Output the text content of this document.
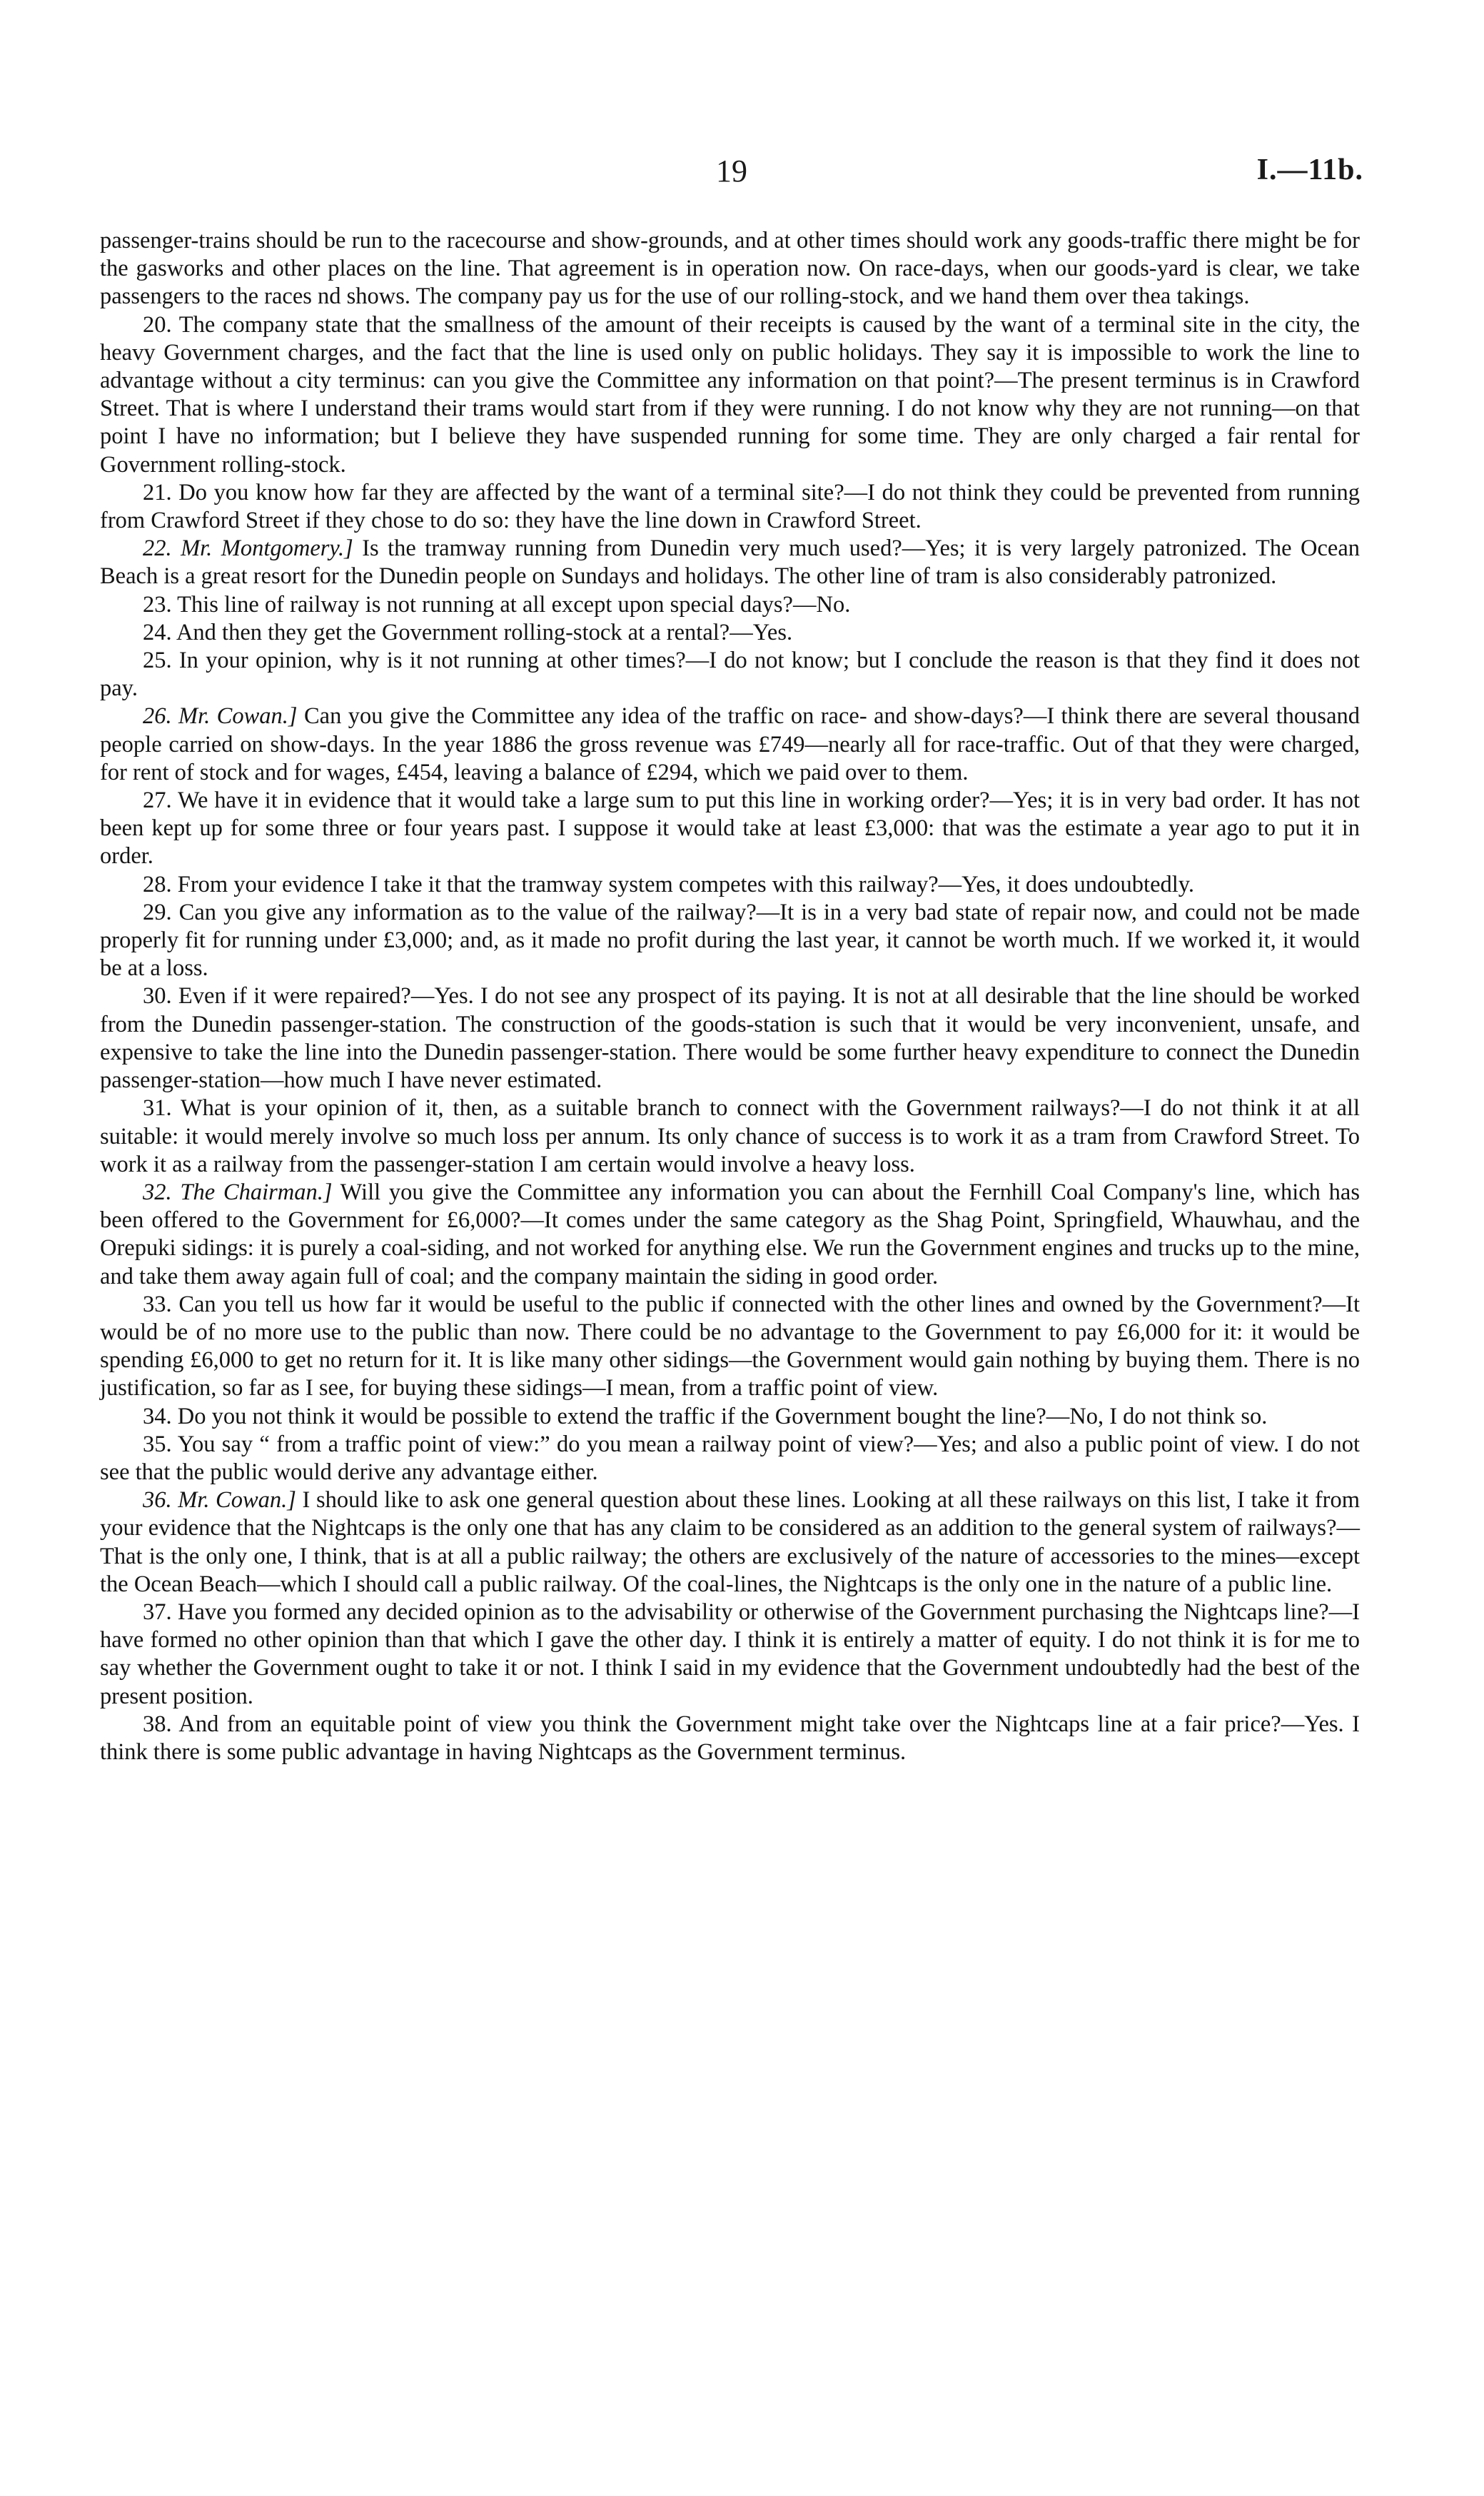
19	I.—11b.

passenger-trains should be run to the racecourse and show-grounds, and at other times should work any goods-traffic there might be for the gasworks and other places on the line. That agreement is in operation now. On race-days, when our goods-yard is clear, we take passengers to the races nd shows. The company pay us for the use of our rolling-stock, and we hand them over thea takings.

20. The company state that the smallness of the amount of their receipts is caused by the want of a terminal site in the city, the heavy Government charges, and the fact that the line is used only on public holidays. They say it is impossible to work the line to advantage without a city terminus: can you give the Committee any information on that point?—The present terminus is in Crawford Street. That is where I understand their trams would start from if they were running. I do not know why they are not running—on that point I have no information; but I believe they have suspended running for some time. They are only charged a fair rental for Government rolling-stock.

21. Do you know how far they are affected by the want of a terminal site?—I do not think they could be prevented from running from Crawford Street if they chose to do so: they have the line down in Crawford Street.

22. Mr. Montgomery.] Is the tramway running from Dunedin very much used?—Yes; it is very largely patronized. The Ocean Beach is a great resort for the Dunedin people on Sundays and holidays. The other line of tram is also considerably patronized.

23. This line of railway is not running at all except upon special days?—No.

24. And then they get the Government rolling-stock at a rental?—Yes.

25. In your opinion, why is it not running at other times?—I do not know; but I conclude the reason is that they find it does not pay.

26. Mr. Cowan.] Can you give the Committee any idea of the traffic on race- and show-days?—I think there are several thousand people carried on show-days. In the year 1886 the gross revenue was £749—nearly all for race-traffic. Out of that they were charged, for rent of stock and for wages, £454, leaving a balance of £294, which we paid over to them.

27. We have it in evidence that it would take a large sum to put this line in working order?—Yes; it is in very bad order. It has not been kept up for some three or four years past. I suppose it would take at least £3,000: that was the estimate a year ago to put it in order.

28. From your evidence I take it that the tramway system competes with this railway?—Yes, it does undoubtedly.

29. Can you give any information as to the value of the railway?—It is in a very bad state of repair now, and could not be made properly fit for running under £3,000; and, as it made no profit during the last year, it cannot be worth much. If we worked it, it would be at a loss.

30. Even if it were repaired?—Yes. I do not see any prospect of its paying. It is not at all desirable that the line should be worked from the Dunedin passenger-station. The construction of the goods-station is such that it would be very inconvenient, unsafe, and expensive to take the line into the Dunedin passenger-station. There would be some further heavy expenditure to connect the Dunedin passenger-station—how much I have never estimated.

31. What is your opinion of it, then, as a suitable branch to connect with the Government railways?—I do not think it at all suitable: it would merely involve so much loss per annum. Its only chance of success is to work it as a tram from Crawford Street. To work it as a railway from the passenger-station I am certain would involve a heavy loss.

32. The Chairman.] Will you give the Committee any information you can about the Fernhill Coal Company's line, which has been offered to the Government for £6,000?—It comes under the same category as the Shag Point, Springfield, Whauwhau, and the Orepuki sidings: it is purely a coal-siding, and not worked for anything else. We run the Government engines and trucks up to the mine, and take them away again full of coal; and the company maintain the siding in good order.

33. Can you tell us how far it would be useful to the public if connected with the other lines and owned by the Government?—It would be of no more use to the public than now. There could be no advantage to the Government to pay £6,000 for it: it would be spending £6,000 to get no return for it. It is like many other sidings—the Government would gain nothing by buying them. There is no justification, so far as I see, for buying these sidings—I mean, from a traffic point of view.

34. Do you not think it would be possible to extend the traffic if the Government bought the line?—No, I do not think so.

35. You say “ from a traffic point of view:” do you mean a railway point of view?—Yes; and also a public point of view. I do not see that the public would derive any advantage either.

36. Mr. Cowan.] I should like to ask one general question about these lines. Looking at all these railways on this list, I take it from your evidence that the Nightcaps is the only one that has any claim to be considered as an addition to the general system of railways?—That is the only one, I think, that is at all a public railway; the others are exclusively of the nature of accessories to the mines—except the Ocean Beach—which I should call a public railway. Of the coal-lines, the Nightcaps is the only one in the nature of a public line.

37. Have you formed any decided opinion as to the advisability or otherwise of the Government purchasing the Nightcaps line?—I have formed no other opinion than that which I gave the other day. I think it is entirely a matter of equity. I do not think it is for me to say whether the Government ought to take it or not. I think I said in my evidence that the Government undoubtedly had the best of the present position.

38. And from an equitable point of view you think the Government might take over the Nightcaps line at a fair price?—Yes. I think there is some public advantage in having Nightcaps as the Government terminus.
